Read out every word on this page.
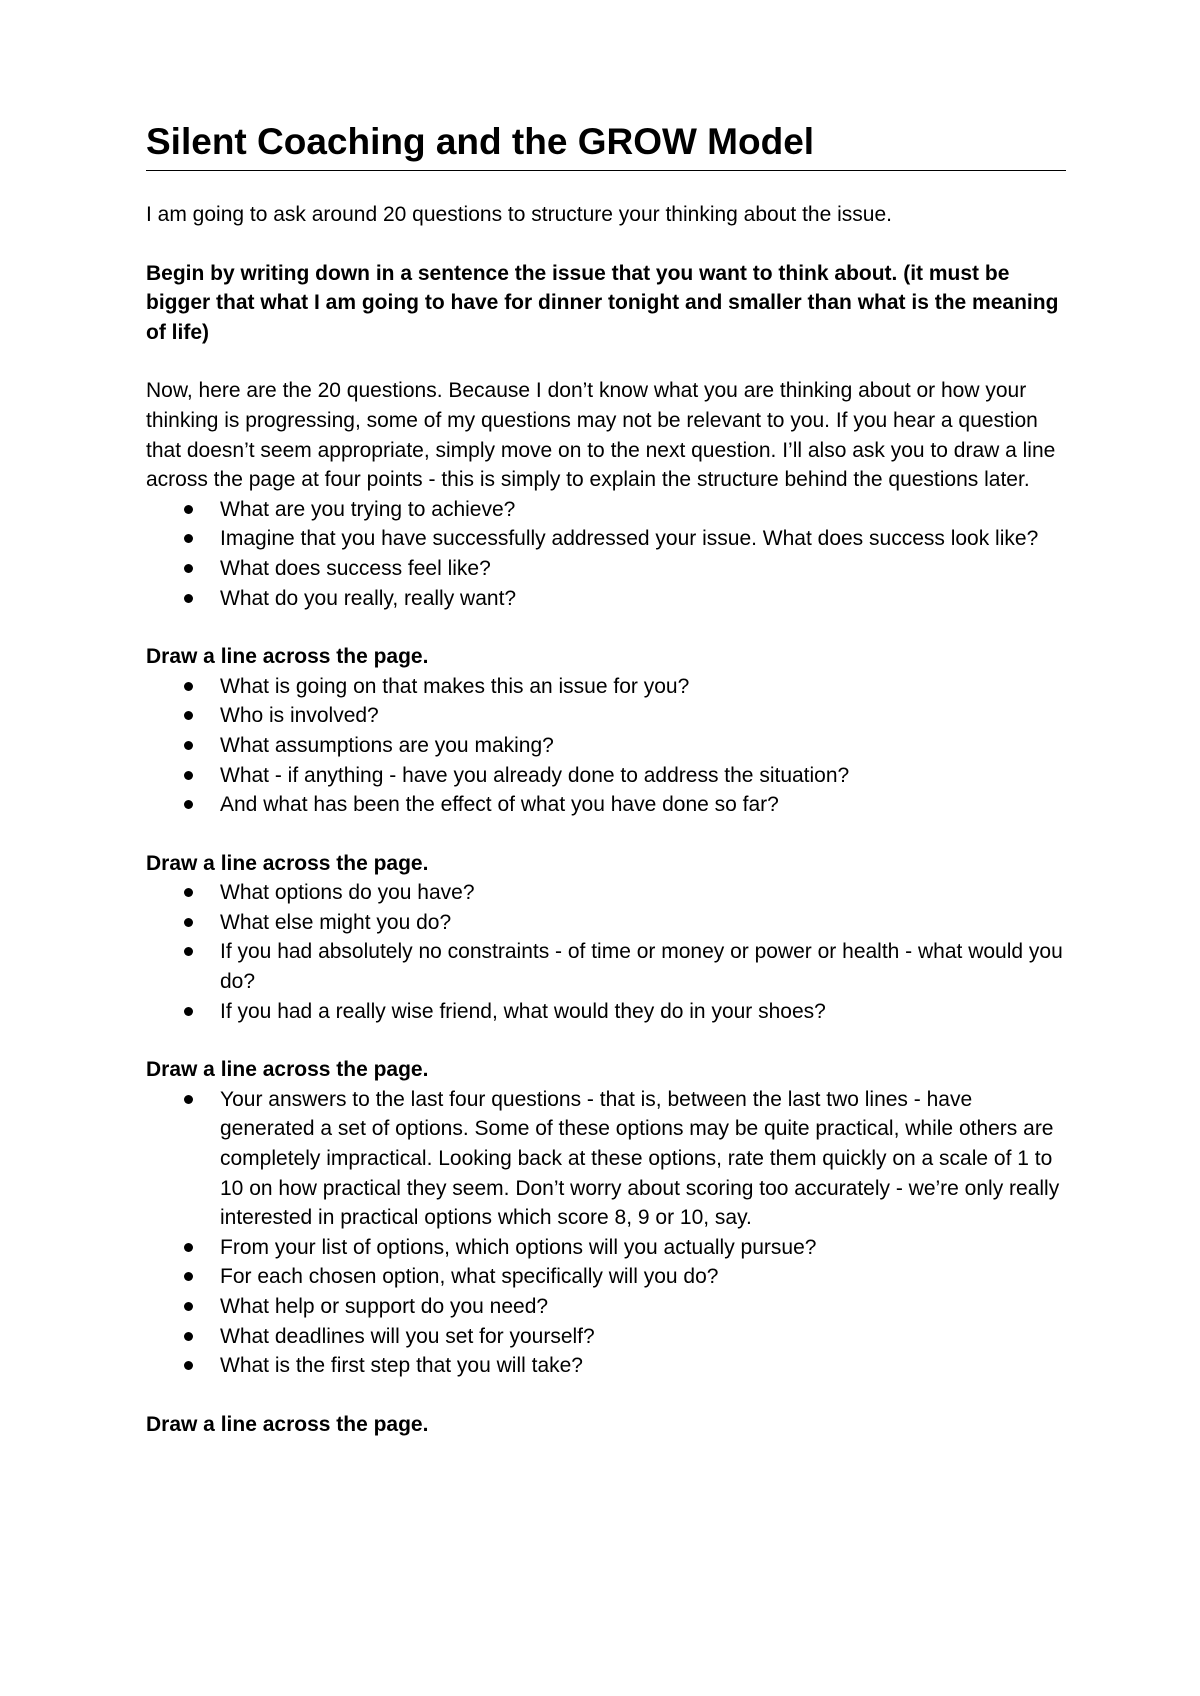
Silent Coaching and the GROW Model

I am going to ask around 20 questions to structure your thinking about the issue.

Begin by writing down in a sentence the issue that you want to think about. (it must be bigger that what I am going to have for dinner tonight and smaller than what is the meaning of life)

Now, here are the 20 questions. Because I don’t know what you are thinking about or how your thinking is progressing, some of my questions may not be relevant to you. If you hear a question that doesn’t seem appropriate, simply move on to the next question. I’ll also ask you to draw a line across the page at four points - this is simply to explain the structure behind the questions later.

What are you trying to achieve?
Imagine that you have successfully addressed your issue. What does success look like?
What does success feel like?
What do you really, really want?

Draw a line across the page.

What is going on that makes this an issue for you?
Who is involved?
What assumptions are you making?
What - if anything - have you already done to address the situation?
And what has been the effect of what you have done so far?

Draw a line across the page.

What options do you have?
What else might you do?
If you had absolutely no constraints - of time or money or power or health - what would you do?
If you had a really wise friend, what would they do in your shoes?

Draw a line across the page.

Your answers to the last four questions - that is, between the last two lines - have generated a set of options. Some of these options may be quite practical, while others are completely impractical. Looking back at these options, rate them quickly on a scale of 1 to 10 on how practical they seem. Don’t worry about scoring too accurately - we’re only really interested in practical options which score 8, 9 or 10, say.
From your list of options, which options will you actually pursue?
For each chosen option, what specifically will you do?
What help or support do you need?
What deadlines will you set for yourself?
What is the first step that you will take?

Draw a line across the page.
